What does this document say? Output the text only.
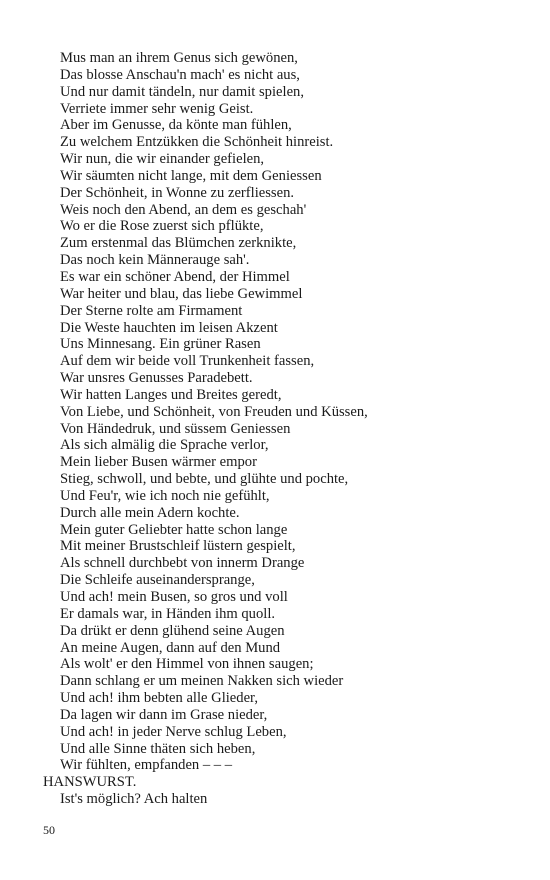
Mus man an ihrem Genus sich gewönen,
Das blosse Anschau'n mach' es nicht aus,
Und nur damit tändeln, nur damit spielen,
Verriete immer sehr wenig Geist.
Aber im Genusse, da könte man fühlen,
Zu welchem Entzükken die Schönheit hinreist.
Wir nun, die wir einander gefielen,
Wir säumten nicht lange, mit dem Geniessen
Der Schönheit, in Wonne zu zerfliessen.
Weis noch den Abend, an dem es geschah'
Wo er die Rose zuerst sich pflükte,
Zum erstenmal das Blümchen zerknikte,
Das noch kein Männerauge sah'.
Es war ein schöner Abend, der Himmel
War heiter und blau, das liebe Gewimmel
Der Sterne rolte am Firmament
Die Weste hauchten im leisen Akzent
Uns Minnesang. Ein grüner Rasen
Auf dem wir beide voll Trunkenheit fassen,
War unsres Genusses Paradebett.
Wir hatten Langes und Breites geredt,
Von Liebe, und Schönheit, von Freuden und Küssen,
Von Händedruk, und süssem Geniessen
Als sich almälig die Sprache verlor,
Mein lieber Busen wärmer empor
Stieg, schwoll, und bebte, und glühte und pochte,
Und Feu'r, wie ich noch nie gefühlt,
Durch alle mein Adern kochte.
Mein guter Geliebter hatte schon lange
Mit meiner Brustschleif lüstern gespielt,
Als schnell durchbebt von innerm Drange
Die Schleife auseinandersprange,
Und ach! mein Busen, so gros und voll
Er damals war, in Händen ihm quoll.
Da drükt er denn glühend seine Augen
An meine Augen, dann auf den Mund
Als wolt' er den Himmel von ihnen saugen;
Dann schlang er um meinen Nakken sich wieder
Und ach! ihm bebten alle Glieder,
Da lagen wir dann im Grase nieder,
Und ach! in jeder Nerve schlug Leben,
Und alle Sinne thäten sich heben,
Wir fühlten, empfanden – – –
HANSWURST.
Ist's möglich? Ach halten
50
